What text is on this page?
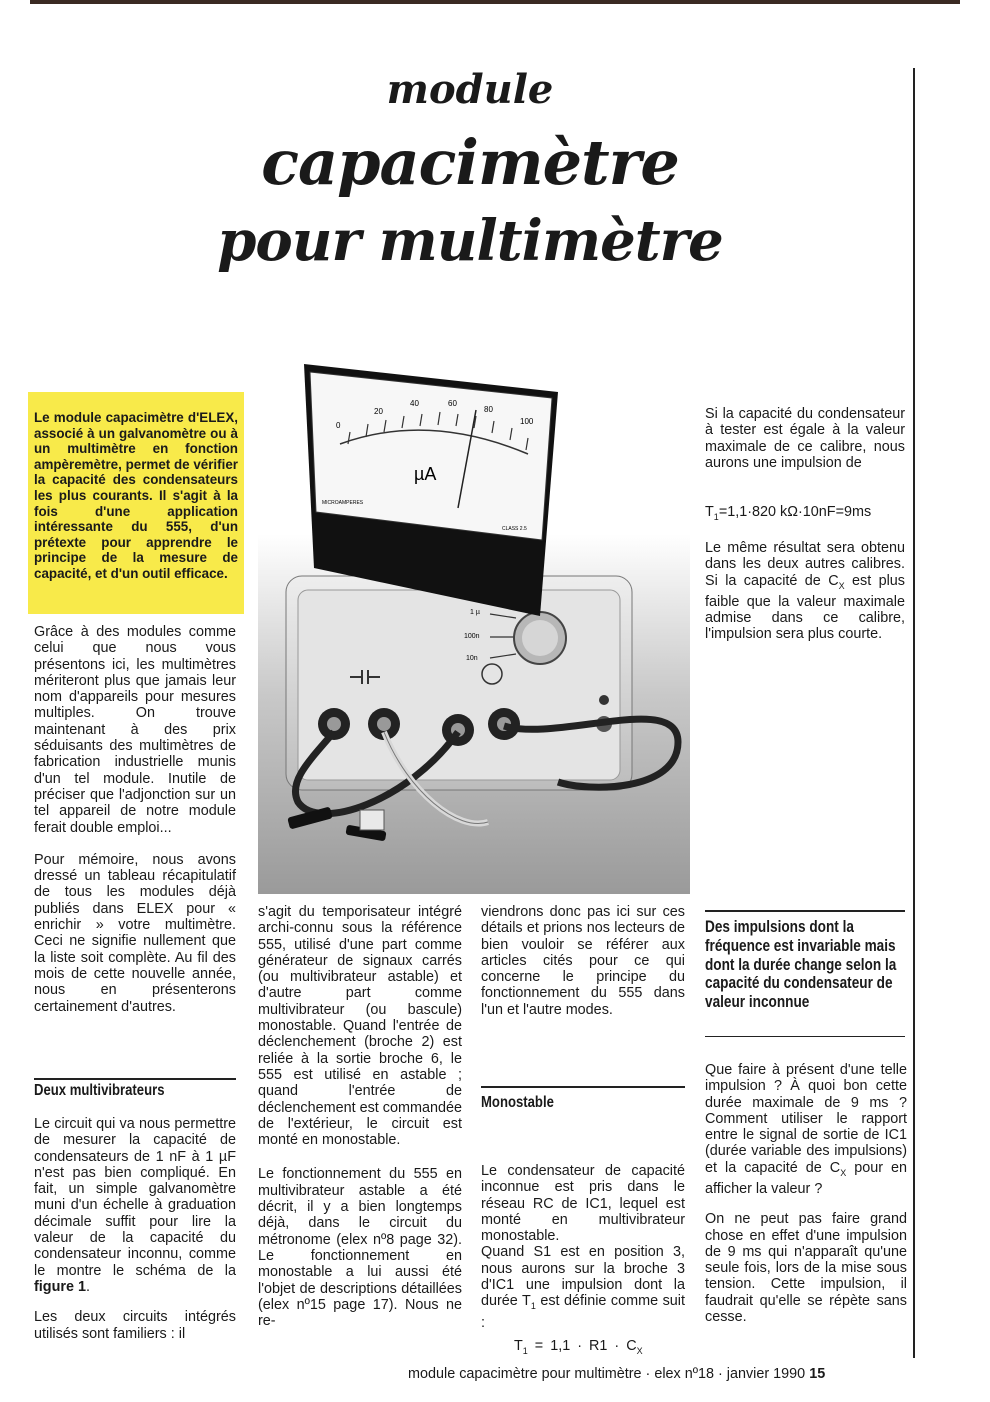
module
capacimètre
pour multimètre
Le module capacimètre d'ELEX, associé à un galvanomètre ou à un multimètre en fonction ampèremètre, permet de vérifier la capacité des condensateurs les plus courants. Il s'agit à la fois d'une application intéressante du 555, d'un prétexte pour apprendre le principe de la mesure de capacité, et d'un outil efficace.
1 µ
100n
10n
0
20
40	60
80
100
µA
MICROAMPERES
CLASS 2.5

Grâce à des modules comme celui que nous vous présentons ici, les multimètres mériteront plus que jamais leur nom d'appareils pour mesures multiples. On trouve maintenant à des prix séduisants des multimètres de fabrication industrielle munis d'un tel module. Inutile de préciser que l'adjonction sur un tel appareil de notre module ferait double emploi...

Pour mémoire, nous avons dressé un tableau récapitulatif de tous les modules déjà publiés dans ELEX pour « enrichir » votre multimètre. Ceci ne signifie nullement que la liste soit complète. Au fil des mois de cette nouvelle année, nous en présenterons certainement d'autres.

Deux multivibrateurs

Le circuit qui va nous permettre de mesurer la capacité de condensateurs de 1 nF à 1 µF n'est pas bien compliqué. En fait, un simple galvanomètre muni d'un échelle à graduation décimale suffit pour lire la valeur de la capacité du condensateur inconnu, comme le montre le schéma de la figure 1.

Les deux circuits intégrés utilisés sont familiers : il

s'agit du temporisateur intégré archi-connu sous la référence 555, utilisé d'une part comme générateur de signaux carrés (ou multivibrateur astable) et d'autre part comme multivibrateur (ou bascule) monostable. Quand l'entrée de déclenchement (broche 2) est reliée à la sortie broche 6, le 555 est utilisé en astable ; quand l'entrée de déclenchement est commandée de l'extérieur, le circuit est monté en monostable.

Le fonctionnement du 555 en multivibrateur astable a été décrit, il y a bien longtemps déjà, dans le circuit du métronome (elex nº8 page 32). Le fonctionnement en monostable a lui aussi été l'objet de descriptions détaillées (elex nº15 page 17). Nous ne re-

viendrons donc pas ici sur ces détails et prions nos lecteurs de bien vouloir se référer aux articles cités pour ce qui concerne le principe du fonctionnement du 555 dans l'un et l'autre modes.

Monostable

Le condensateur de capacité inconnue est pris dans le réseau RC de IC1, lequel est monté en multivibrateur monostable.

Quand S1 est en position 3, nous aurons sur la broche 3 d'IC1 une impulsion dont la durée $T_1$ est définie comme suit :

$T_1 = 1,1 \cdot R1 \cdot C_X$

Si la capacité du condensateur à tester est égale à la valeur maximale de ce calibre, nous aurons une impulsion de

$T_1=1,1\cdot 820$ kΩ·10nF=9ms

Le même résultat sera obtenu dans les deux autres calibres. Si la capacité de $C_X$ est plus faible que la valeur maximale admise dans ce calibre, l'impulsion sera plus courte.

Des impulsions dont la fréquence est invariable mais dont la durée change selon la capacité du condensateur de valeur inconnue

Que faire à présent d'une telle impulsion ? À quoi bon cette durée maximale de 9 ms ? Comment utiliser le rapport entre le signal de sortie de IC1 (durée variable des impulsions) et la capacité de $C_X$ pour en afficher la valeur ?

On ne peut pas faire grand chose en effet d'une impulsion de 9 ms qui n'apparaît qu'une seule fois, lors de la mise sous tension. Cette impulsion, il faudrait qu'elle se répète sans cesse.

module capacimètre pour multimètre · elex nº18 · janvier 1990 15
